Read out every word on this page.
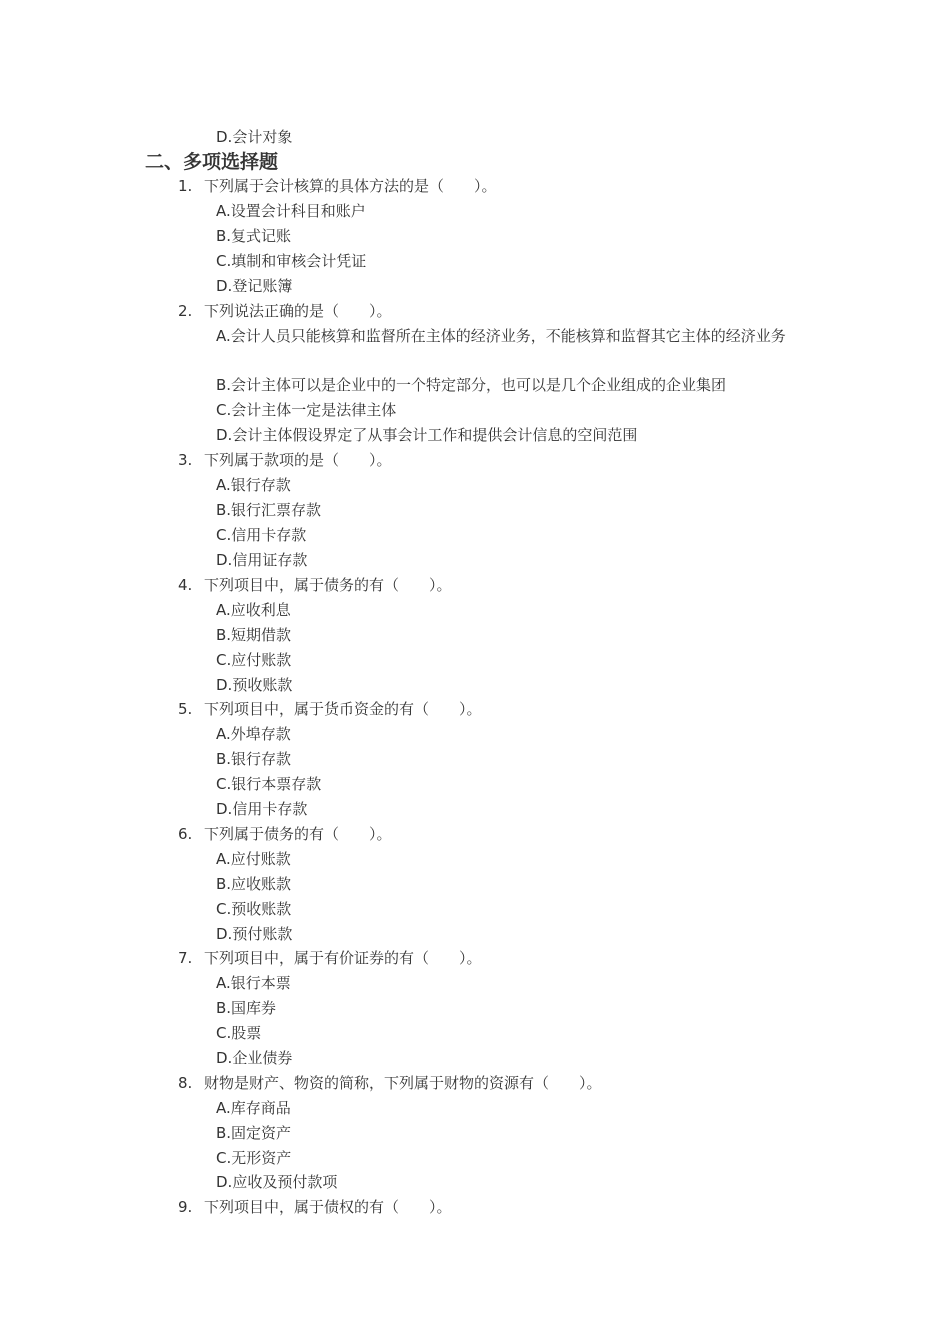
D.会计对象
二、多项选择题
1. 下列属于会计核算的具体方法的是（　　）。
A.设置会计科目和账户
B.复式记账
C.填制和审核会计凭证
D.登记账簿
2. 下列说法正确的是（　　）。
A.会计人员只能核算和监督所在主体的经济业务，不能核算和监督其它主体的经济业务
B.会计主体可以是企业中的一个特定部分，也可以是几个企业组成的企业集团
C.会计主体一定是法律主体
D.会计主体假设界定了从事会计工作和提供会计信息的空间范围
3. 下列属于款项的是（　　）。
A.银行存款
B.银行汇票存款
C.信用卡存款
D.信用证存款
4. 下列项目中，属于债务的有（　　）。
A.应收利息
B.短期借款
C.应付账款
D.预收账款
5. 下列项目中，属于货币资金的有（　　）。
A.外埠存款
B.银行存款
C.银行本票存款
D.信用卡存款
6. 下列属于债务的有（　　）。
A.应付账款
B.应收账款
C.预收账款
D.预付账款
7. 下列项目中，属于有价证券的有（　　）。
A.银行本票
B.国库券
C.股票
D.企业债券
8. 财物是财产、物资的简称，下列属于财物的资源有（　　）。
A.库存商品
B.固定资产
C.无形资产
D.应收及预付款项
9. 下列项目中，属于债权的有（　　）。
